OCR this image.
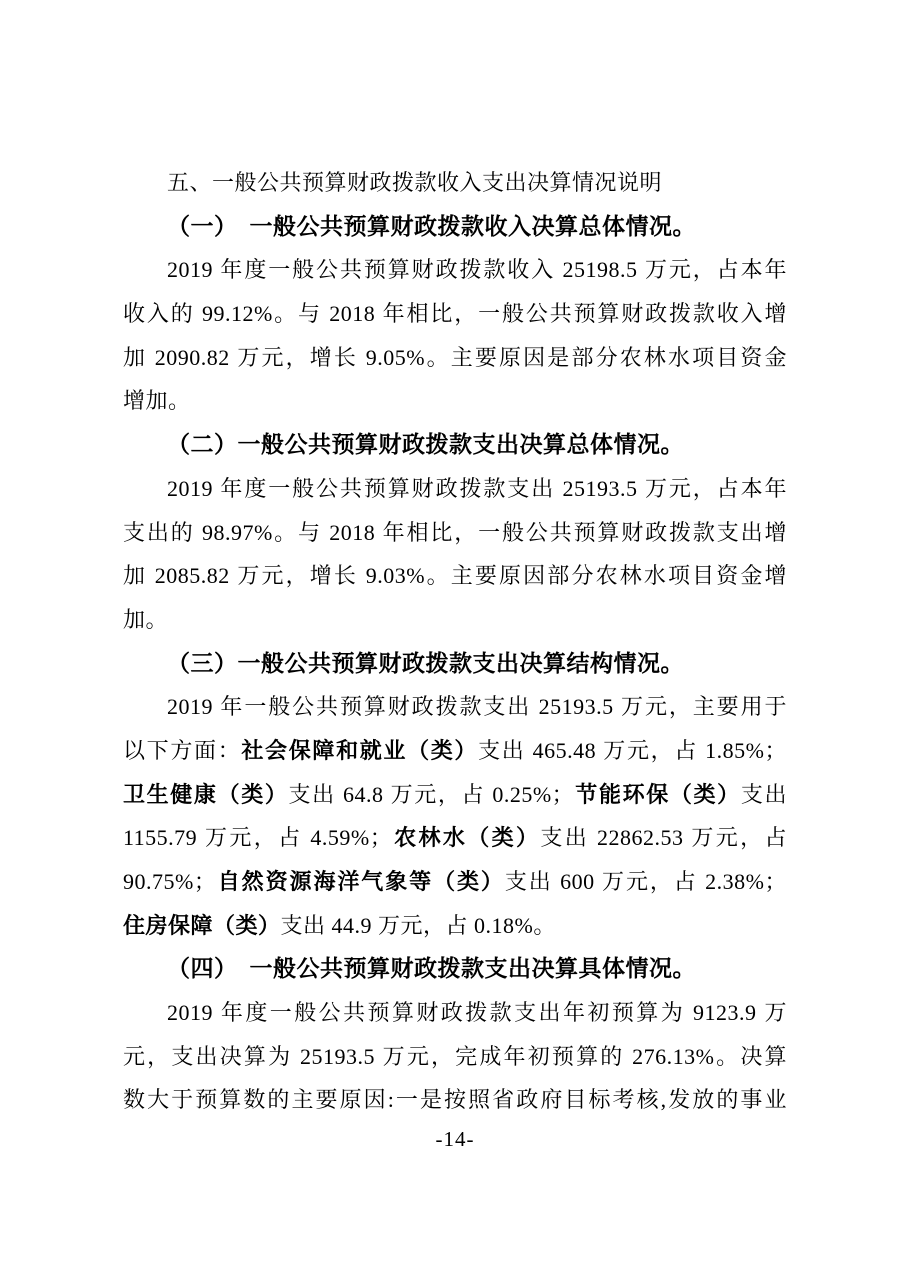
五、一般公共预算财政拨款收入支出决算情况说明
（一）　一般公共预算财政拨款收入决算总体情况。
2019 年度一般公共预算财政拨款收入 25198.5 万元，占本年
收入的 99.12%。与 2018 年相比，一般公共预算财政拨款收入增
加 2090.82 万元，增长 9.05%。主要原因是部分农林水项目资金
增加。
（二）一般公共预算财政拨款支出决算总体情况。
2019 年度一般公共预算财政拨款支出 25193.5 万元，占本年
支出的 98.97%。与 2018 年相比，一般公共预算财政拨款支出增
加 2085.82 万元，增长 9.03%。主要原因部分农林水项目资金增
加。
（三）一般公共预算财政拨款支出决算结构情况。
2019 年一般公共预算财政拨款支出 25193.5 万元，主要用于
以下方面：社会保障和就业（类）支出 465.48 万元，占 1.85%；
卫生健康（类）支出 64.8 万元，占 0.25%；节能环保（类）支出
1155.79 万元，占 4.59%；农林水（类）支出 22862.53 万元，占
90.75%；自然资源海洋气象等（类）支出 600 万元，占 2.38%；
住房保障（类）支出 44.9 万元，占 0.18%。
（四）　一般公共预算财政拨款支出决算具体情况。
2019 年度一般公共预算财政拨款支出年初预算为 9123.9 万
元，支出决算为 25193.5 万元，完成年初预算的 276.13%。决算
数大于预算数的主要原因:一是按照省政府目标考核,发放的事业
-14-
